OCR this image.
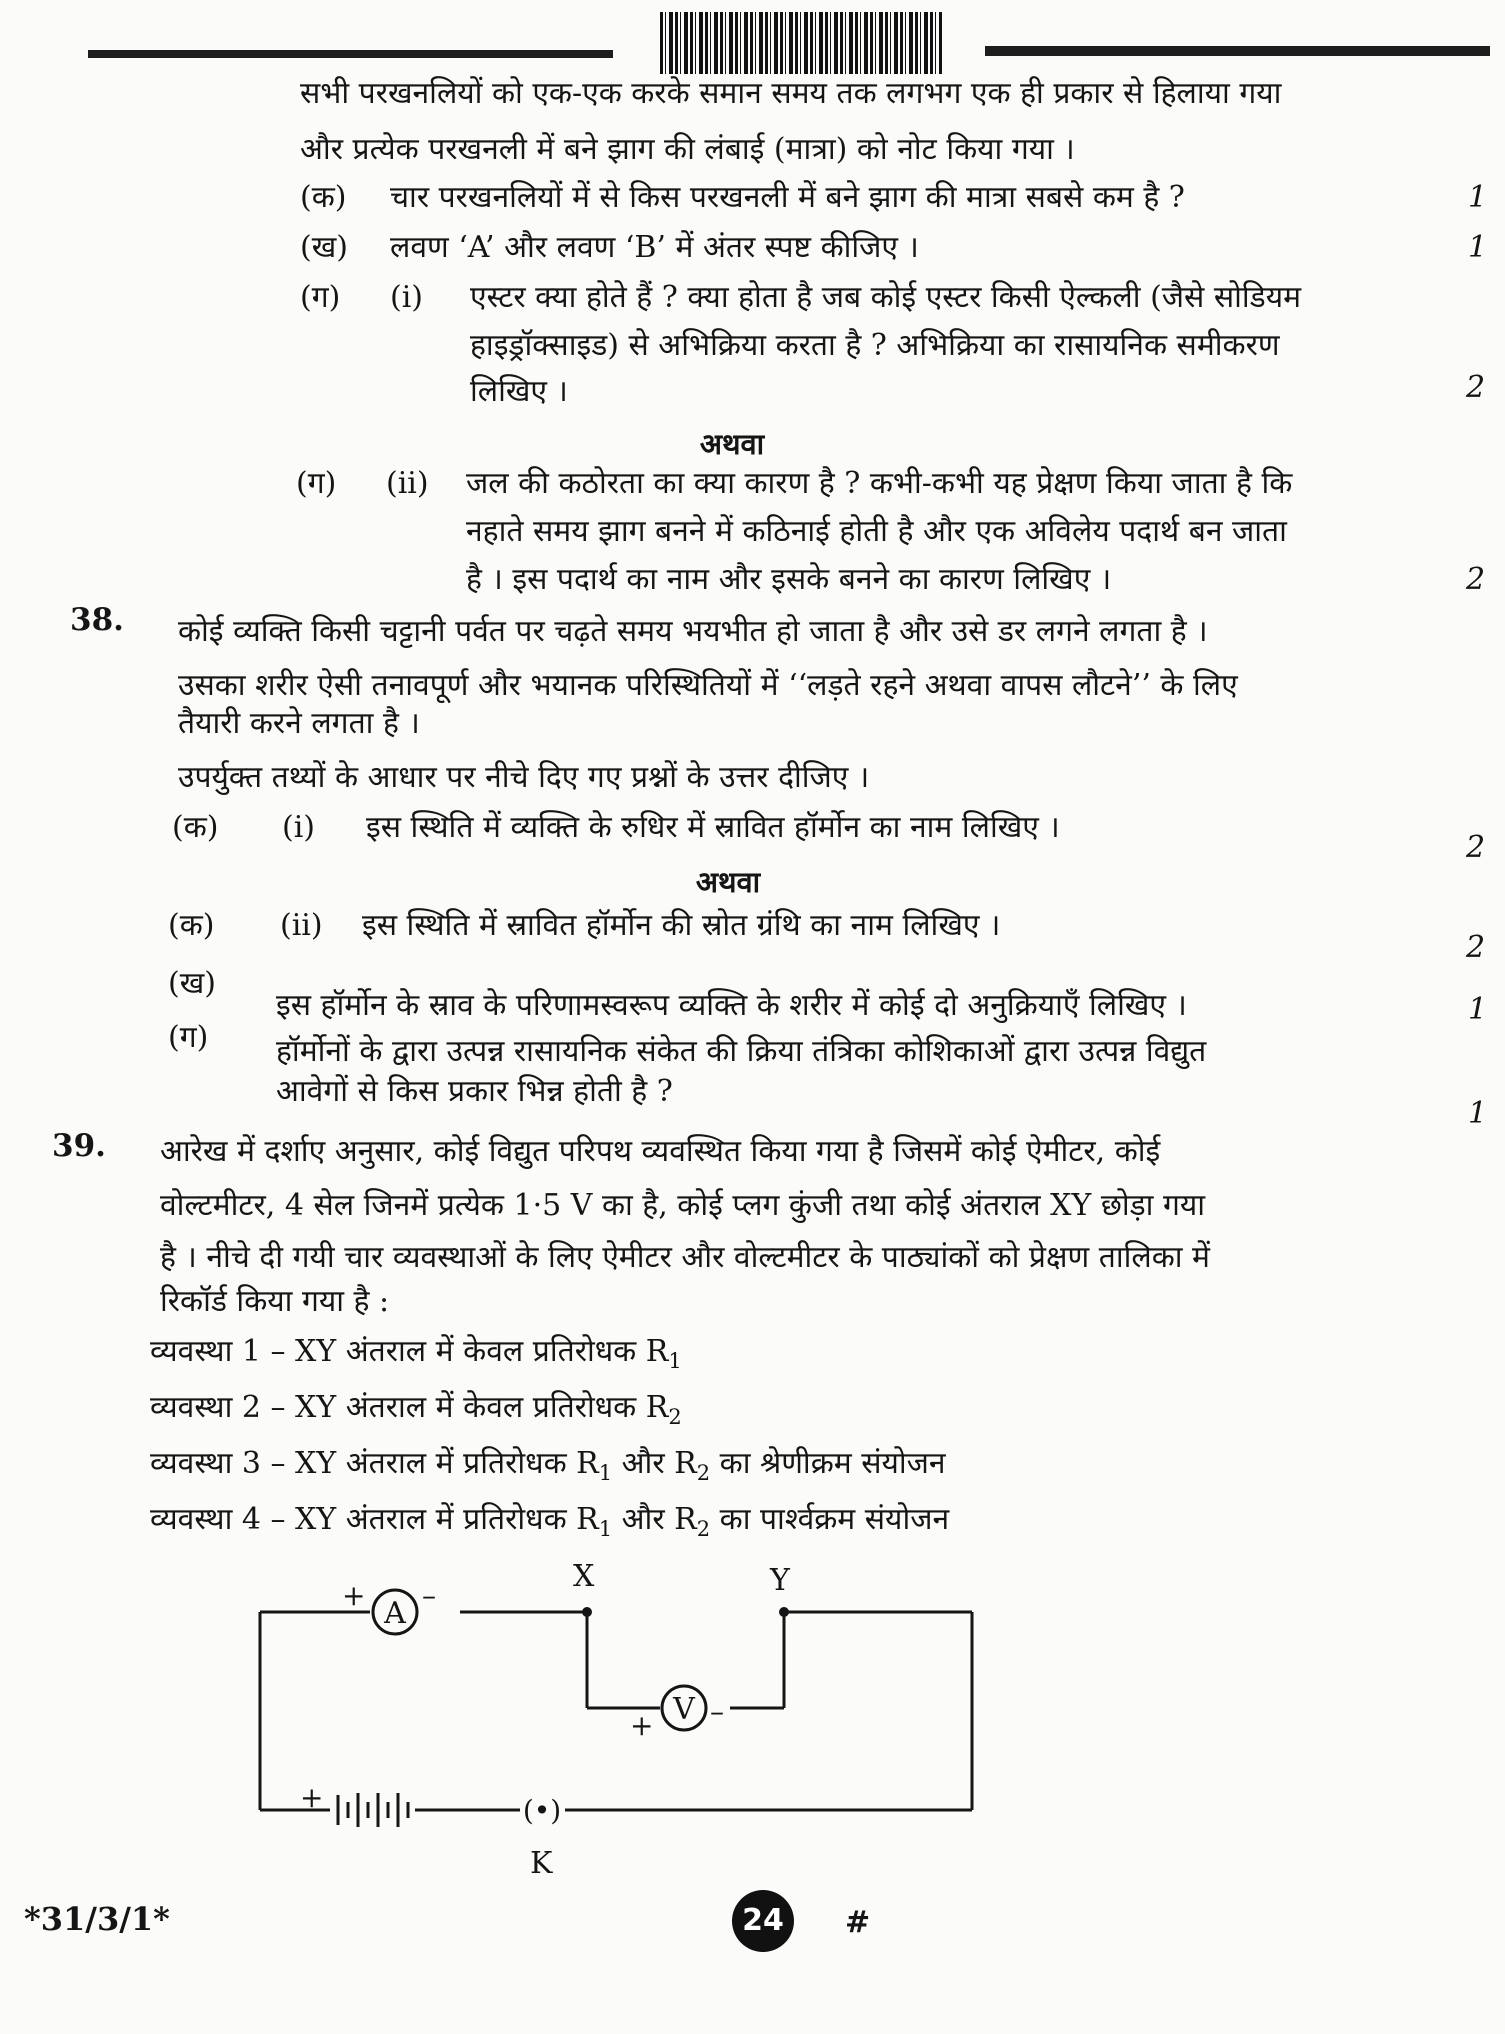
सभी परखनलियों को एक-एक करके समान समय तक लगभग एक ही प्रकार से हिलाया गया
और प्रत्येक परखनली में बने झाग की लंबाई (मात्रा) को नोट किया गया ।
(क) चार परखनलियों में से किस परखनली में बने झाग की मात्रा सबसे कम है ?	1
(ख) लवण ‘A’ और लवण ‘B’ में अंतर स्पष्ट कीजिए ।	1
(ग) (i) एस्टर क्या होते हैं ? क्या होता है जब कोई एस्टर किसी ऐल्कली (जैसे सोडियम
हाइड्रॉक्साइड) से अभिक्रिया करता है ? अभिक्रिया का रासायनिक समीकरण
लिखिए ।	2
अथवा
(ग) (ii) जल की कठोरता का क्या कारण है ? कभी-कभी यह प्रेक्षण किया जाता है कि
नहाते समय झाग बनने में कठिनाई होती है और एक अविलेय पदार्थ बन जाता
है । इस पदार्थ का नाम और इसके बनने का कारण लिखिए ।	2
38. कोई व्यक्ति किसी चट्टानी पर्वत पर चढ़ते समय भयभीत हो जाता है और उसे डर लगने लगता है ।
उसका शरीर ऐसी तनावपूर्ण और भयानक परिस्थितियों में ‘‘लड़ते रहने अथवा वापस लौटने’’ के लिए
तैयारी करने लगता है ।
उपर्युक्त तथ्यों के आधार पर नीचे दिए गए प्रश्नों के उत्तर दीजिए ।
(क) (i) इस स्थिति में व्यक्ति के रुधिर में स्रावित हॉर्मोन का नाम लिखिए ।
2
अथवा
(क) (ii) इस स्थिति में स्रावित हॉर्मोन की स्रोत ग्रंथि का नाम लिखिए ।
2
(ख)
इस हॉर्मोन के स्राव के परिणामस्वरूप व्यक्ति के शरीर में कोई दो अनुक्रियाएँ लिखिए ।	1
(ग) हॉर्मोनों के द्वारा उत्पन्न रासायनिक संकेत की क्रिया तंत्रिका कोशिकाओं द्वारा उत्पन्न विद्युत
आवेगों से किस प्रकार भिन्न होती है ?
1
39. आरेख में दर्शाए अनुसार, कोई विद्युत परिपथ व्यवस्थित किया गया है जिसमें कोई ऐमीटर, कोई
वोल्टमीटर, 4 सेल जिनमें प्रत्येक 1·5 V का है, कोई प्लग कुंजी तथा कोई अंतराल XY छोड़ा गया
है । नीचे दी गयी चार व्यवस्थाओं के लिए ऐमीटर और वोल्टमीटर के पाठ्यांकों को प्रेक्षण तालिका में
रिकॉर्ड किया गया है :
व्यवस्था 1 – XY अंतराल में केवल प्रतिरोधक $R_1$
व्यवस्था 2 – XY अंतराल में केवल प्रतिरोधक $R_2$
व्यवस्था 3 – XY अंतराल में प्रतिरोधक $R_1$ और $R_2$ का श्रेणीक्रम संयोजन
व्यवस्था 4 – XY अंतराल में प्रतिरोधक $R_1$ और $R_2$ का पार्श्वक्रम संयोजन
A
V
+ –
+ –
+	–
X	Y
(•)
K
*31/3/1*	24	#
